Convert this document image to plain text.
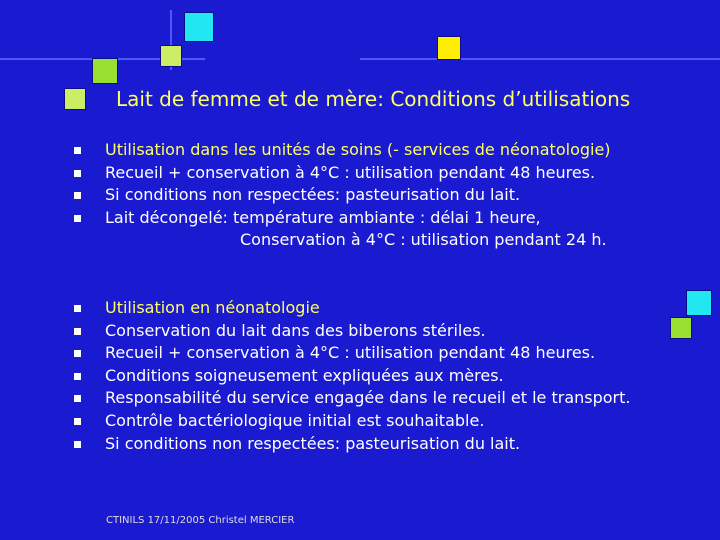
Lait de femme et de mère: Conditions d’utilisations
Utilisation dans les unités de soins (- services de néonatologie)
Recueil + conservation à 4°C : utilisation pendant 48 heures.
Si conditions non respectées: pasteurisation du lait.
Lait décongelé: température ambiante : délai 1 heure,
Conservation à 4°C : utilisation pendant 24 h.
Utilisation en néonatologie
Conservation du lait dans des biberons stériles.
Recueil + conservation à 4°C : utilisation pendant 48 heures.
Conditions soigneusement expliquées aux mères.
Responsabilité du service engagée dans le recueil et le transport.
Contrôle bactériologique initial est souhaitable.
Si conditions non respectées: pasteurisation du lait.
CTINILS 17/11/2005 Christel MERCIER
